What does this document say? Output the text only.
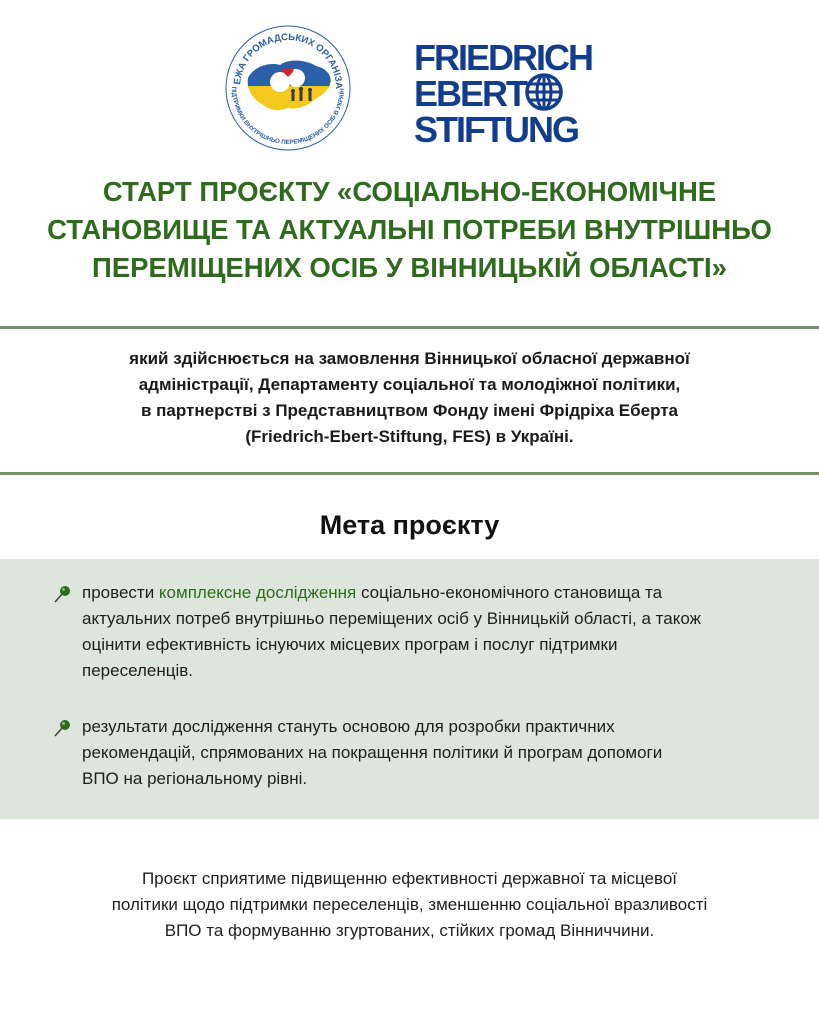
ЕЖА ГРОМАДСЬКИХ ОРГАНІЗА
ПІДТРИМКИ ВНУТРІШНЬО ПЕРЕМІЩЕНИХ ОСІБ В УКРАЇН
FRIEDRICH
EBERT
STIFTUNG
СТАРТ ПРОЄКТУ «СОЦІАЛЬНО-ЕКОНОМІЧНЕ
СТАНОВИЩЕ ТА АКТУАЛЬНІ ПОТРЕБИ ВНУТРІШНЬО
ПЕРЕМІЩЕНИХ ОСІБ У ВІННИЦЬКІЙ ОБЛАСТІ»

який здійснюється на замовлення Вінницької обласної державної
адміністрації, Департаменту соціальної та молодіжної політики,
в партнерстві з Представництвом Фонду імені Фрідріха Еберта
(Friedrich-Ebert-Stiftung, FES) в Україні.

Мета проєкту
провести комплексне дослідження соціально-економічного становища та
актуальних потреб внутрішньо переміщених осіб у Вінницькій області, а також
оцінити ефективність існуючих місцевих програм і послуг підтримки
переселенців.
результати дослідження стануть основою для розробки практичних
рекомендацій, спрямованих на покращення політики й програм допомоги
ВПО на регіональному рівні.

Проєкт сприятиме підвищенню ефективності державної та місцевої
політики щодо підтримки переселенців, зменшенню соціальної вразливості
ВПО та формуванню згуртованих, стійких громад Вінниччини.
